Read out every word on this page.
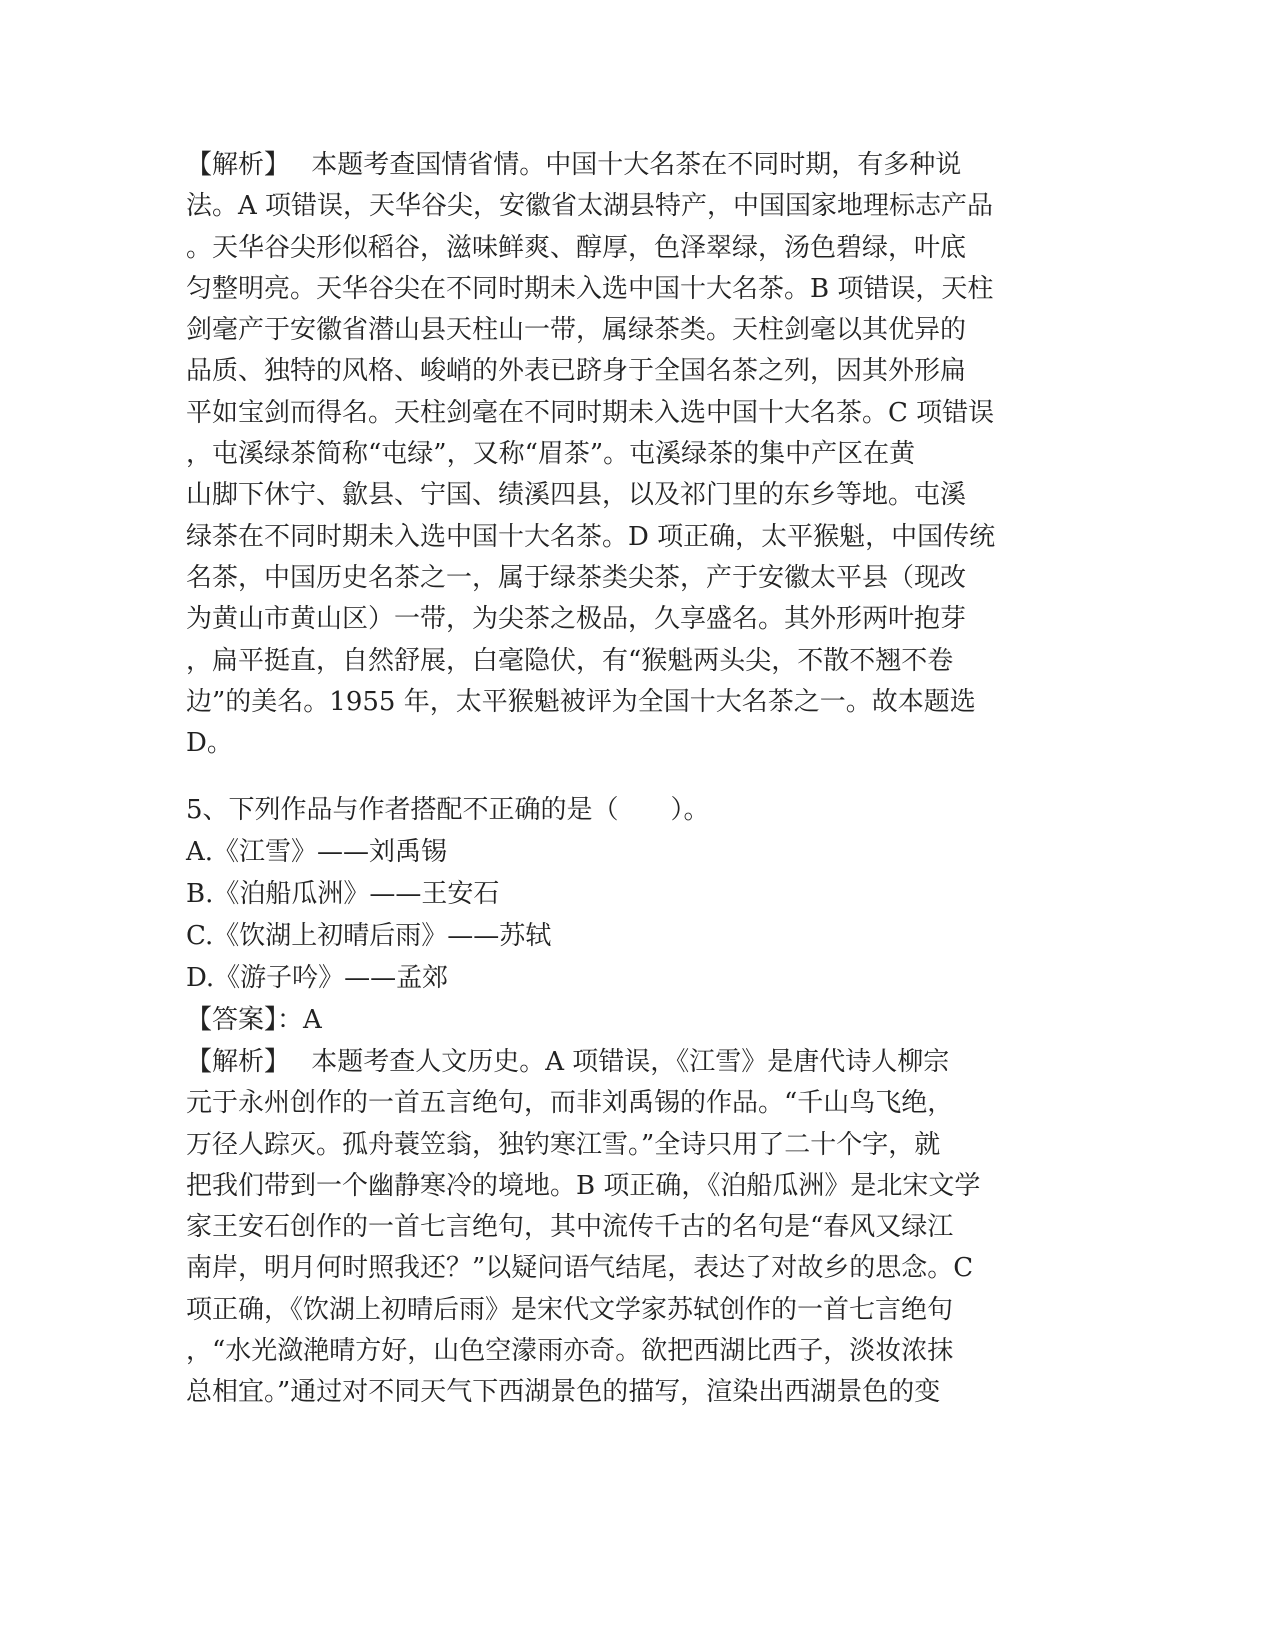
【解析】　 本题考查国情省情。中国十大名茶在不同时期，有多种说
法。A 项错误，天华谷尖，安徽省太湖县特产，中国国家地理标志产品
。天华谷尖形似稻谷，滋味鲜爽、醇厚，色泽翠绿，汤色碧绿，叶底
匀整明亮。天华谷尖在不同时期未入选中国十大名茶。B 项错误，天柱
剑毫产于安徽省潜山县天柱山一带，属绿茶类。天柱剑毫以其优异的
品质、独特的风格、峻峭的外表已跻身于全国名茶之列，因其外形扁
平如宝剑而得名。天柱剑毫在不同时期未入选中国十大名茶。C 项错误
，屯溪绿茶简称“屯绿”，又称“眉茶”。屯溪绿茶的集中产区在黄
山脚下休宁、歙县、宁国、绩溪四县，以及祁门里的东乡等地。屯溪
绿茶在不同时期未入选中国十大名茶。D 项正确，太平猴魁，中国传统
名茶，中国历史名茶之一，属于绿茶类尖茶，产于安徽太平县（现改
为黄山市黄山区）一带，为尖茶之极品，久享盛名。其外形两叶抱芽
，扁平挺直，自然舒展，白毫隐伏，有“猴魁两头尖，不散不翘不卷
边”的美名。1955 年，太平猴魁被评为全国十大名茶之一。故本题选
D。
5、下列作品与作者搭配不正确的是（　　）。
A.《江雪》——刘禹锡
B.《泊船瓜洲》——王安石
C.《饮湖上初晴后雨》——苏轼
D.《游子吟》——孟郊
【答案】：A
【解析】　 本题考查人文历史。A 项错误，《江雪》是唐代诗人柳宗
元于永州创作的一首五言绝句，而非刘禹锡的作品。“千山鸟飞绝，
万径人踪灭。孤舟蓑笠翁，独钓寒江雪。”全诗只用了二十个字，就
把我们带到一个幽静寒冷的境地。B 项正确，《泊船瓜洲》是北宋文学
家王安石创作的一首七言绝句，其中流传千古的名句是“春风又绿江
南岸，明月何时照我还？”以疑问语气结尾，表达了对故乡的思念。C
项正确，《饮湖上初晴后雨》是宋代文学家苏轼创作的一首七言绝句
，“水光潋滟晴方好，山色空濛雨亦奇。欲把西湖比西子，淡妆浓抹
总相宜。”通过对不同天气下西湖景色的描写，渲染出西湖景色的变
